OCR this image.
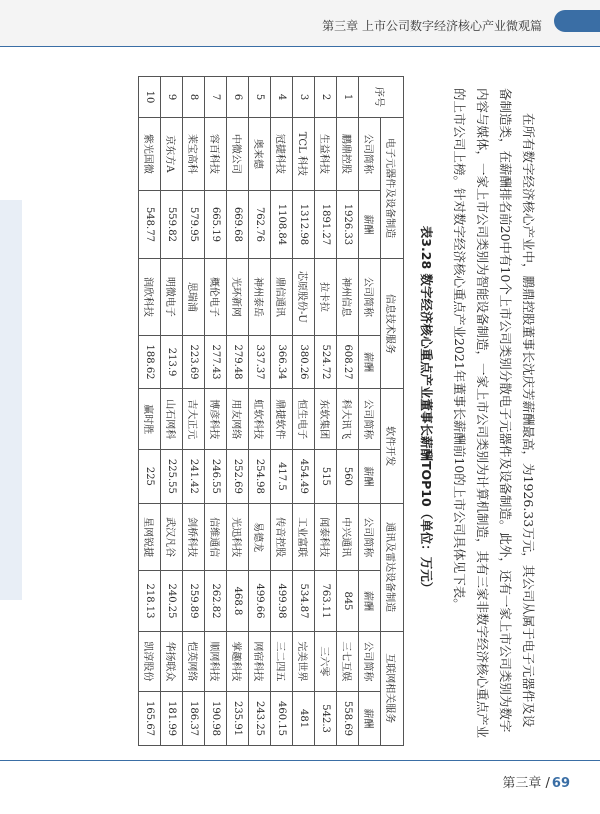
第三章 上市公司数字经济核心产业微观篇

在所有数字经济核心产业中，鹏鼎控股董事长沈庆芳薪酬最高，为1926.33万元，其公司从属于电子元器件及设备制造类，在薪酬排名前20中有10个上市公司类别分散电子元器件及设备制造。此外，还有一家上市公司类别为数字内容与媒体，一家上市公司类别为智能设备制造，一家上市公司类别为计算机制造，其有三家非数字经济核心重点产业的上市公司上榜。针对数字经济核心重点产业2021年董事长薪酬前10的上市公司具体见下表。

表3.28 数字经济核心重点产业董事长薪酬TOP10（单位：万元）

序号	电子元器件及设备制造		信息技术服务		软件开发		通讯及雷达设备制造		互联网相关服务	
	公司简称	薪酬	公司简称	薪酬	公司简称	薪酬	公司简称	薪酬	公司简称	薪酬
1	鹏鼎控股	1926.33	神州信息	608.27	科大讯飞	560	中兴通讯	845	三七互娱	558.69
2	生益科技	1891.27	拉卡拉	524.72	东软集团	515	闻泰科技	763.11	三六零	542.3
3	TCL 科技	1312.98	芯原股份-U	380.26	恒生电子	454.49	工业富联	534.87	完美世界	481
4	冠捷科技	1108.84	鼎信通讯	366.34	鼎捷软件	417.5	传音控股	499.98	三二四五	460.15
5	奥来德	762.76	神州泰岳	337.37	虹软科技	254.98	易德龙	499.66	网宿科技	243.25
6	中微公司	669.68	光环新网	279.48	用友网络	252.69	光迅科技	468.8	掌趣科技	235.91
7	容百科技	665.19	概伦电子	277.43	博彦科技	246.55	信维通信	262.82	顺网科技	190.98
8	莱宝高科	579.95	思瑞浦	223.69	吉大正元	241.42	剑桥科技	259.89	恺英网络	186.37
9	京东方A	559.82	明微电子	213.9	山石网科	225.55	武汉凡谷	240.25	华扬联众	181.99
10	紫光国微	548.77	润欣科技	188.62	赢时胜	225	星网锐捷	218.13	凯淳股份	165.67
第三章 / 69
